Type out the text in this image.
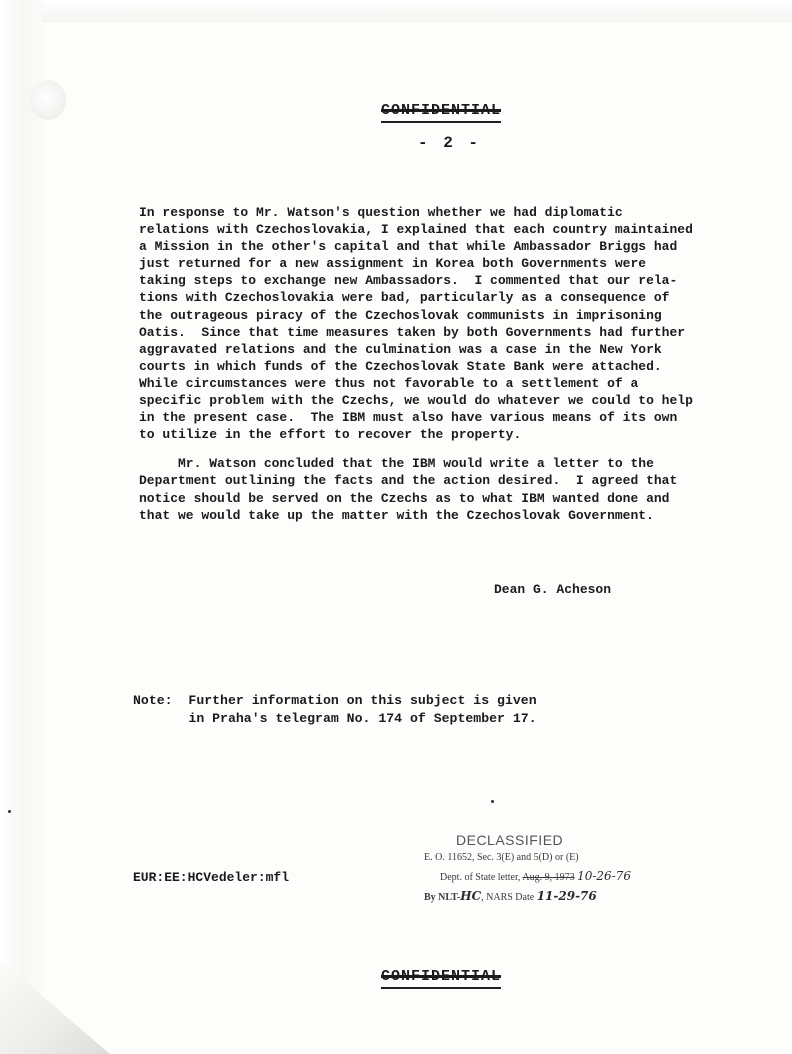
CONFIDENTIAL
- 2 -

In response to Mr. Watson's question whether we had diplomatic
relations with Czechoslovakia, I explained that each country maintained
a Mission in the other's capital and that while Ambassador Briggs had
just returned for a new assignment in Korea both Governments were
taking steps to exchange new Ambassadors.  I commented that our rela-
tions with Czechoslovakia were bad, particularly as a consequence of
the outrageous piracy of the Czechoslovak communists in imprisoning
Oatis.  Since that time measures taken by both Governments had further
aggravated relations and the culmination was a case in the New York
courts in which funds of the Czechoslovak State Bank were attached.
While circumstances were thus not favorable to a settlement of a
specific problem with the Czechs, we would do whatever we could to help
in the present case.  The IBM must also have various means of its own
to utilize in the effort to recover the property.

Mr. Watson concluded that the IBM would write a letter to the
Department outlining the facts and the action desired.  I agreed that
notice should be served on the Czechs as to what IBM wanted done and
that we would take up the matter with the Czechoslovak Government.

Dean G. Acheson
Note: Further information on this subject is given
in Praha's telegram No. 174 of September 17.
EUR:EE:HCVedeler:mfl
DECLASSIFIED
E. O. 11652, Sec. 3(E) and 5(D) or (E)
Dept. of State letter, Aug. 9, 1973 10-26-76
By NLT-HC, NARS Date 11-29-76
CONFIDENTIAL
